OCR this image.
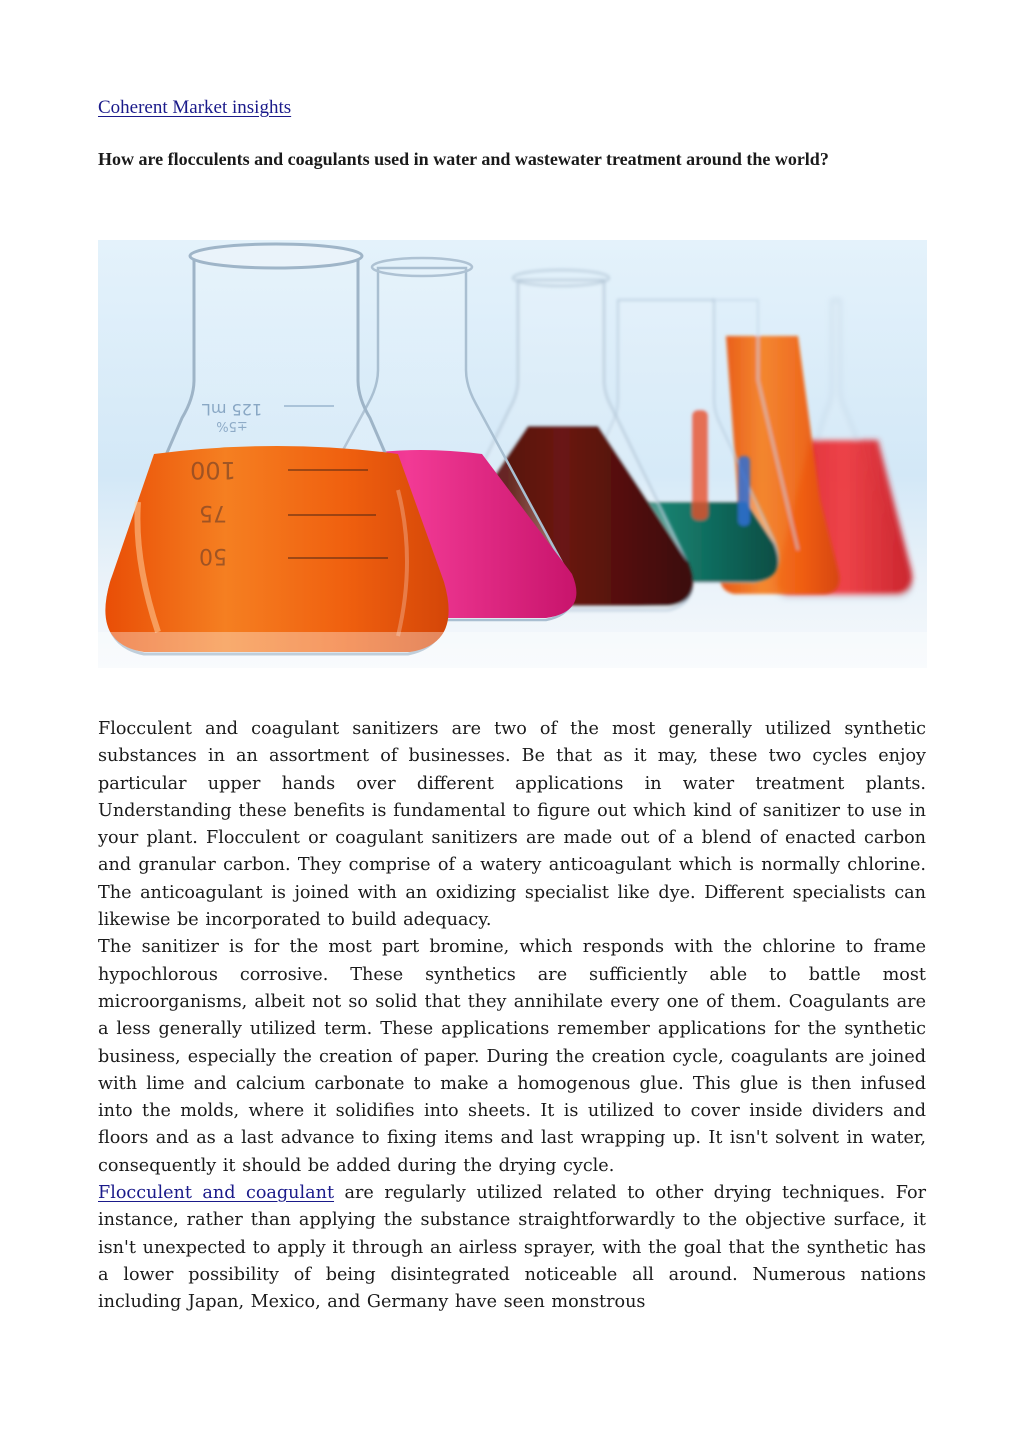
Coherent Market insights
How are flocculents and coagulants used in water and wastewater treatment around the world?
100
75
50
125 mL
±5%

Flocculent and coagulant sanitizers are two of the most generally utilized synthetic substances in an assortment of businesses. Be that as it may, these two cycles enjoy particular upper hands over different applications in water treatment plants. Understanding these benefits is fundamental to figure out which kind of sanitizer to use in your plant. Flocculent or coagulant sanitizers are made out of a blend of enacted carbon and granular carbon. They comprise of a watery anticoagulant which is normally chlorine. The anticoagulant is joined with an oxidizing specialist like dye. Different specialists can likewise be incorporated to build adequacy.

The sanitizer is for the most part bromine, which responds with the chlorine to frame hypochlorous corrosive. These synthetics are sufficiently able to battle most microorganisms, albeit not so solid that they annihilate every one of them. Coagulants are a less generally utilized term. These applications remember applications for the synthetic business, especially the creation of paper. During the creation cycle, coagulants are joined with lime and calcium carbonate to make a homogenous glue. This glue is then infused into the molds, where it solidifies into sheets. It is utilized to cover inside dividers and floors and as a last advance to fixing items and last wrapping up. It isn't solvent in water, consequently it should be added during the drying cycle.

Flocculent and coagulant are regularly utilized related to other drying techniques. For instance, rather than applying the substance straightforwardly to the objective surface, it isn't unexpected to apply it through an airless sprayer, with the goal that the synthetic has a lower possibility of being disintegrated noticeable all around. Numerous nations including Japan, Mexico, and Germany have seen monstrous
